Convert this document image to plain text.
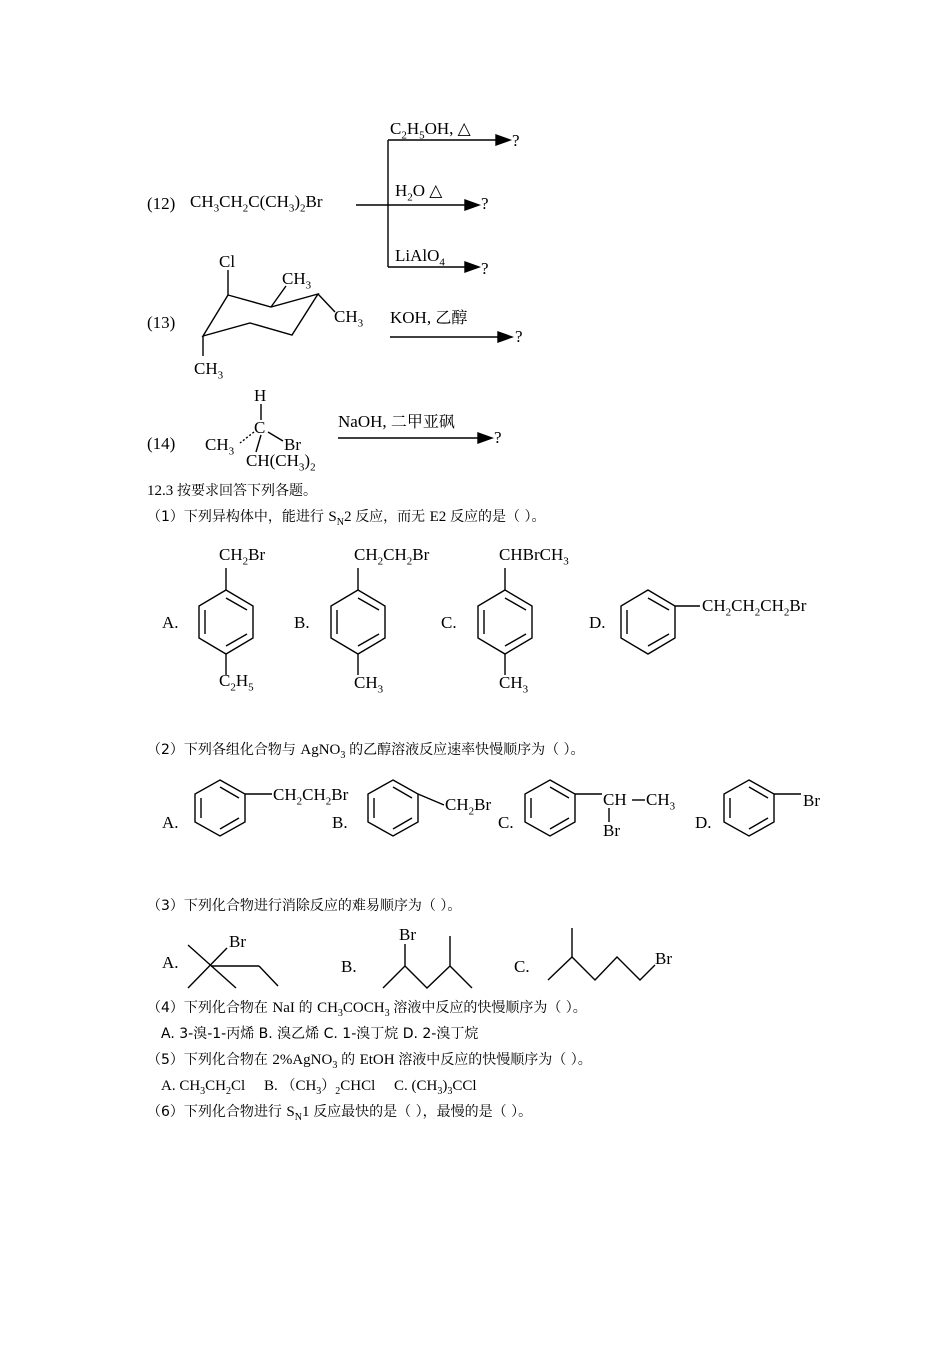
(12) $CH_3CH_2C(CH_3)_2Br$
$C_2H_5OH$, △
$H_2O$ △
LiAlO$_4$
?
?
?
(13)
Cl
$CH_3$
$CH_3$
$CH_3$
KOH, 乙醇
?
(14)
H
C
$CH_3$	Br
$CH(CH_3)_2$
NaOH, 二甲亚砜
?
12.3 按要求回答下列各题。
（1）下列异构体中，能进行 $S_N2$ 反应，而无 E2 反应的是（ ）。
A.
$CH_2Br$
$C_2H_5$
B.
$CH_2CH_2Br$
$CH_3$
C.
CHBrCH$_3$
$CH_3$
D.
$CH_2CH_2CH_2Br$
（2）下列各组化合物与 AgNO$_3$ 的乙醇溶液反应速率快慢顺序为（ ）。
A.
$CH_2CH_2Br$
B.
$CH_2Br$
C.
CH $CH_3$
Br	D.
Br
（3）下列化合物进行消除反应的难易顺序为（ ）。
A.
Br
B.
Br
C.	Br
（4）下列化合物在 NaI 的 $CH_3COCH_3$ 溶液中反应的快慢顺序为（ ）。
A. 3-溴-1-丙烯 B. 溴乙烯 C. 1-溴丁烷 D. 2-溴丁烷
（5）下列化合物在 2%AgNO$_3$ 的 EtOH 溶液中反应的快慢顺序为（ ）。
A. $CH_3CH_2Cl$     B. $(CH_3)_2CHCl$     C. $(CH_3)_3CCl$
（6）下列化合物进行 $S_N1$ 反应最快的是（ ），最慢的是（ ）。
